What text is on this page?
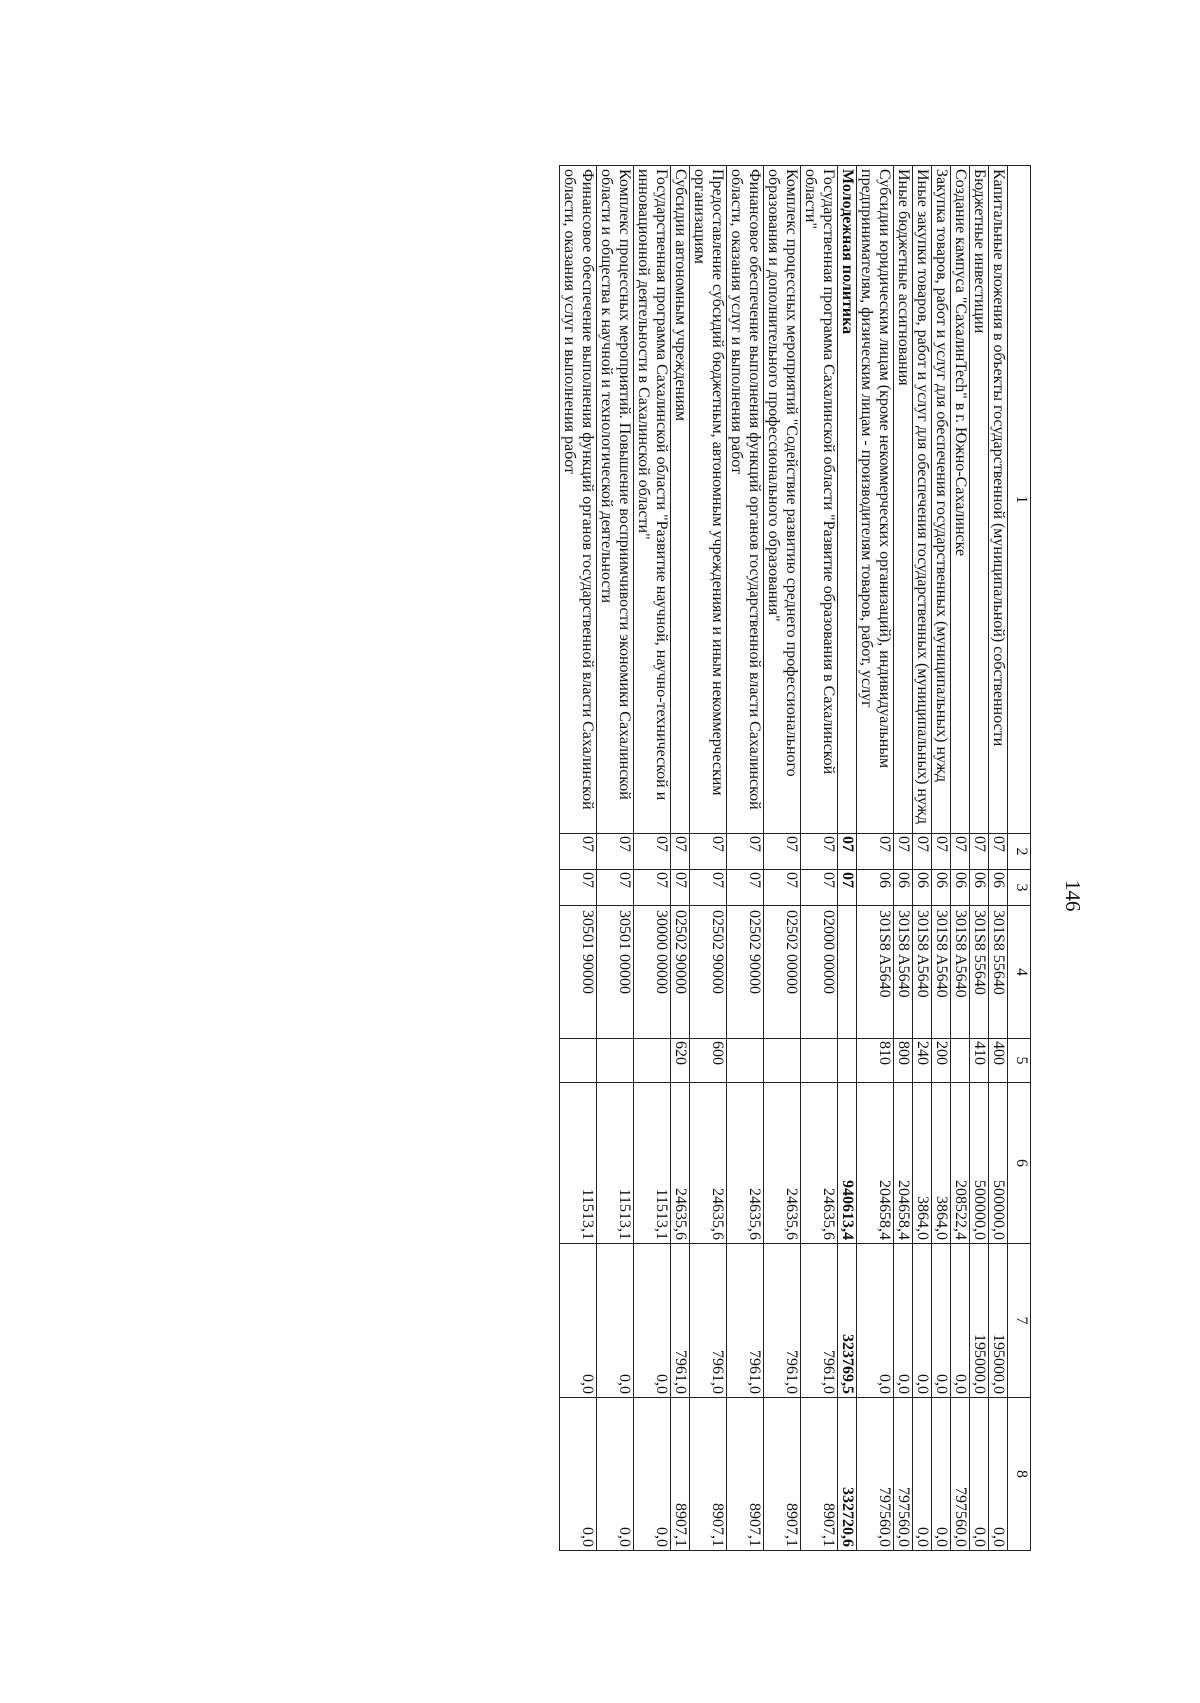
146
1	2	3	4	5	6	7	8
Капитальные вложения в объекты государственной (муниципальной) собственности	07	06	301S8 55640	400	500000,0	195000,0	0,0
Бюджетные инвестиции	07	06	301S8 55640	410	500000,0	195000,0	0,0
Создание кампуса "СахалинTech" в г. Южно-Сахалинске	07	06	301S8 A5640		208522,4	0,0	797560,0
Закупка товаров, работ и услуг для обеспечения государственных (муниципальных) нужд	07	06	301S8 A5640	200	3864,0	0,0	0,0
Иные закупки товаров, работ и услуг для обеспечения государственных (муниципальных) нужд	07	06	301S8 A5640	240	3864,0	0,0	0,0
Иные бюджетные ассигнования	07	06	301S8 A5640	800	204658,4	0,0	797560,0
Субсидии юридическим лицам (кроме некоммерческих организаций), индивидуальным предпринимателям, физическим лицам - производителям товаров, работ, услуг	07	06	301S8 A5640	810	204658,4	0,0	797560,0
Молодежная политика	07	07			940613,4	323769,5	332720,6
Государственная программа Сахалинской области "Развитие образования в Сахалинской области"	07	07	02000 00000		24635,6	7961,0	8907,1
Комплекс процессных мероприятий "Содействие развитию среднего профессионального образования и дополнительного профессионального образования"	07	07	02502 00000		24635,6	7961,0	8907,1
Финансовое обеспечение выполнения функций органов государственной власти Сахалинской области, оказания услуг и выполнения работ	07	07	02502 90000		24635,6	7961,0	8907,1
Предоставление субсидий бюджетным, автономным учреждениям и иным некоммерческим организациям	07	07	02502 90000	600	24635,6	7961,0	8907,1
Субсидии автономным учреждениям	07	07	02502 90000	620	24635,6	7961,0	8907,1
Государственная программа Сахалинской области "Развитие научной, научно-технической и инновационной деятельности в Сахалинской области"	07	07	30000 00000		11513,1	0,0	0,0
Комплекс процессных мероприятий. Повышение восприимчивости экономики Сахалинской области и общества к научной и технологической деятельности	07	07	30501 00000		11513,1	0,0	0,0
Финансовое обеспечение выполнения функций органов государственной власти Сахалинской области, оказания услуг и выполнения работ	07	07	30501 90000		11513,1	0,0	0,0
